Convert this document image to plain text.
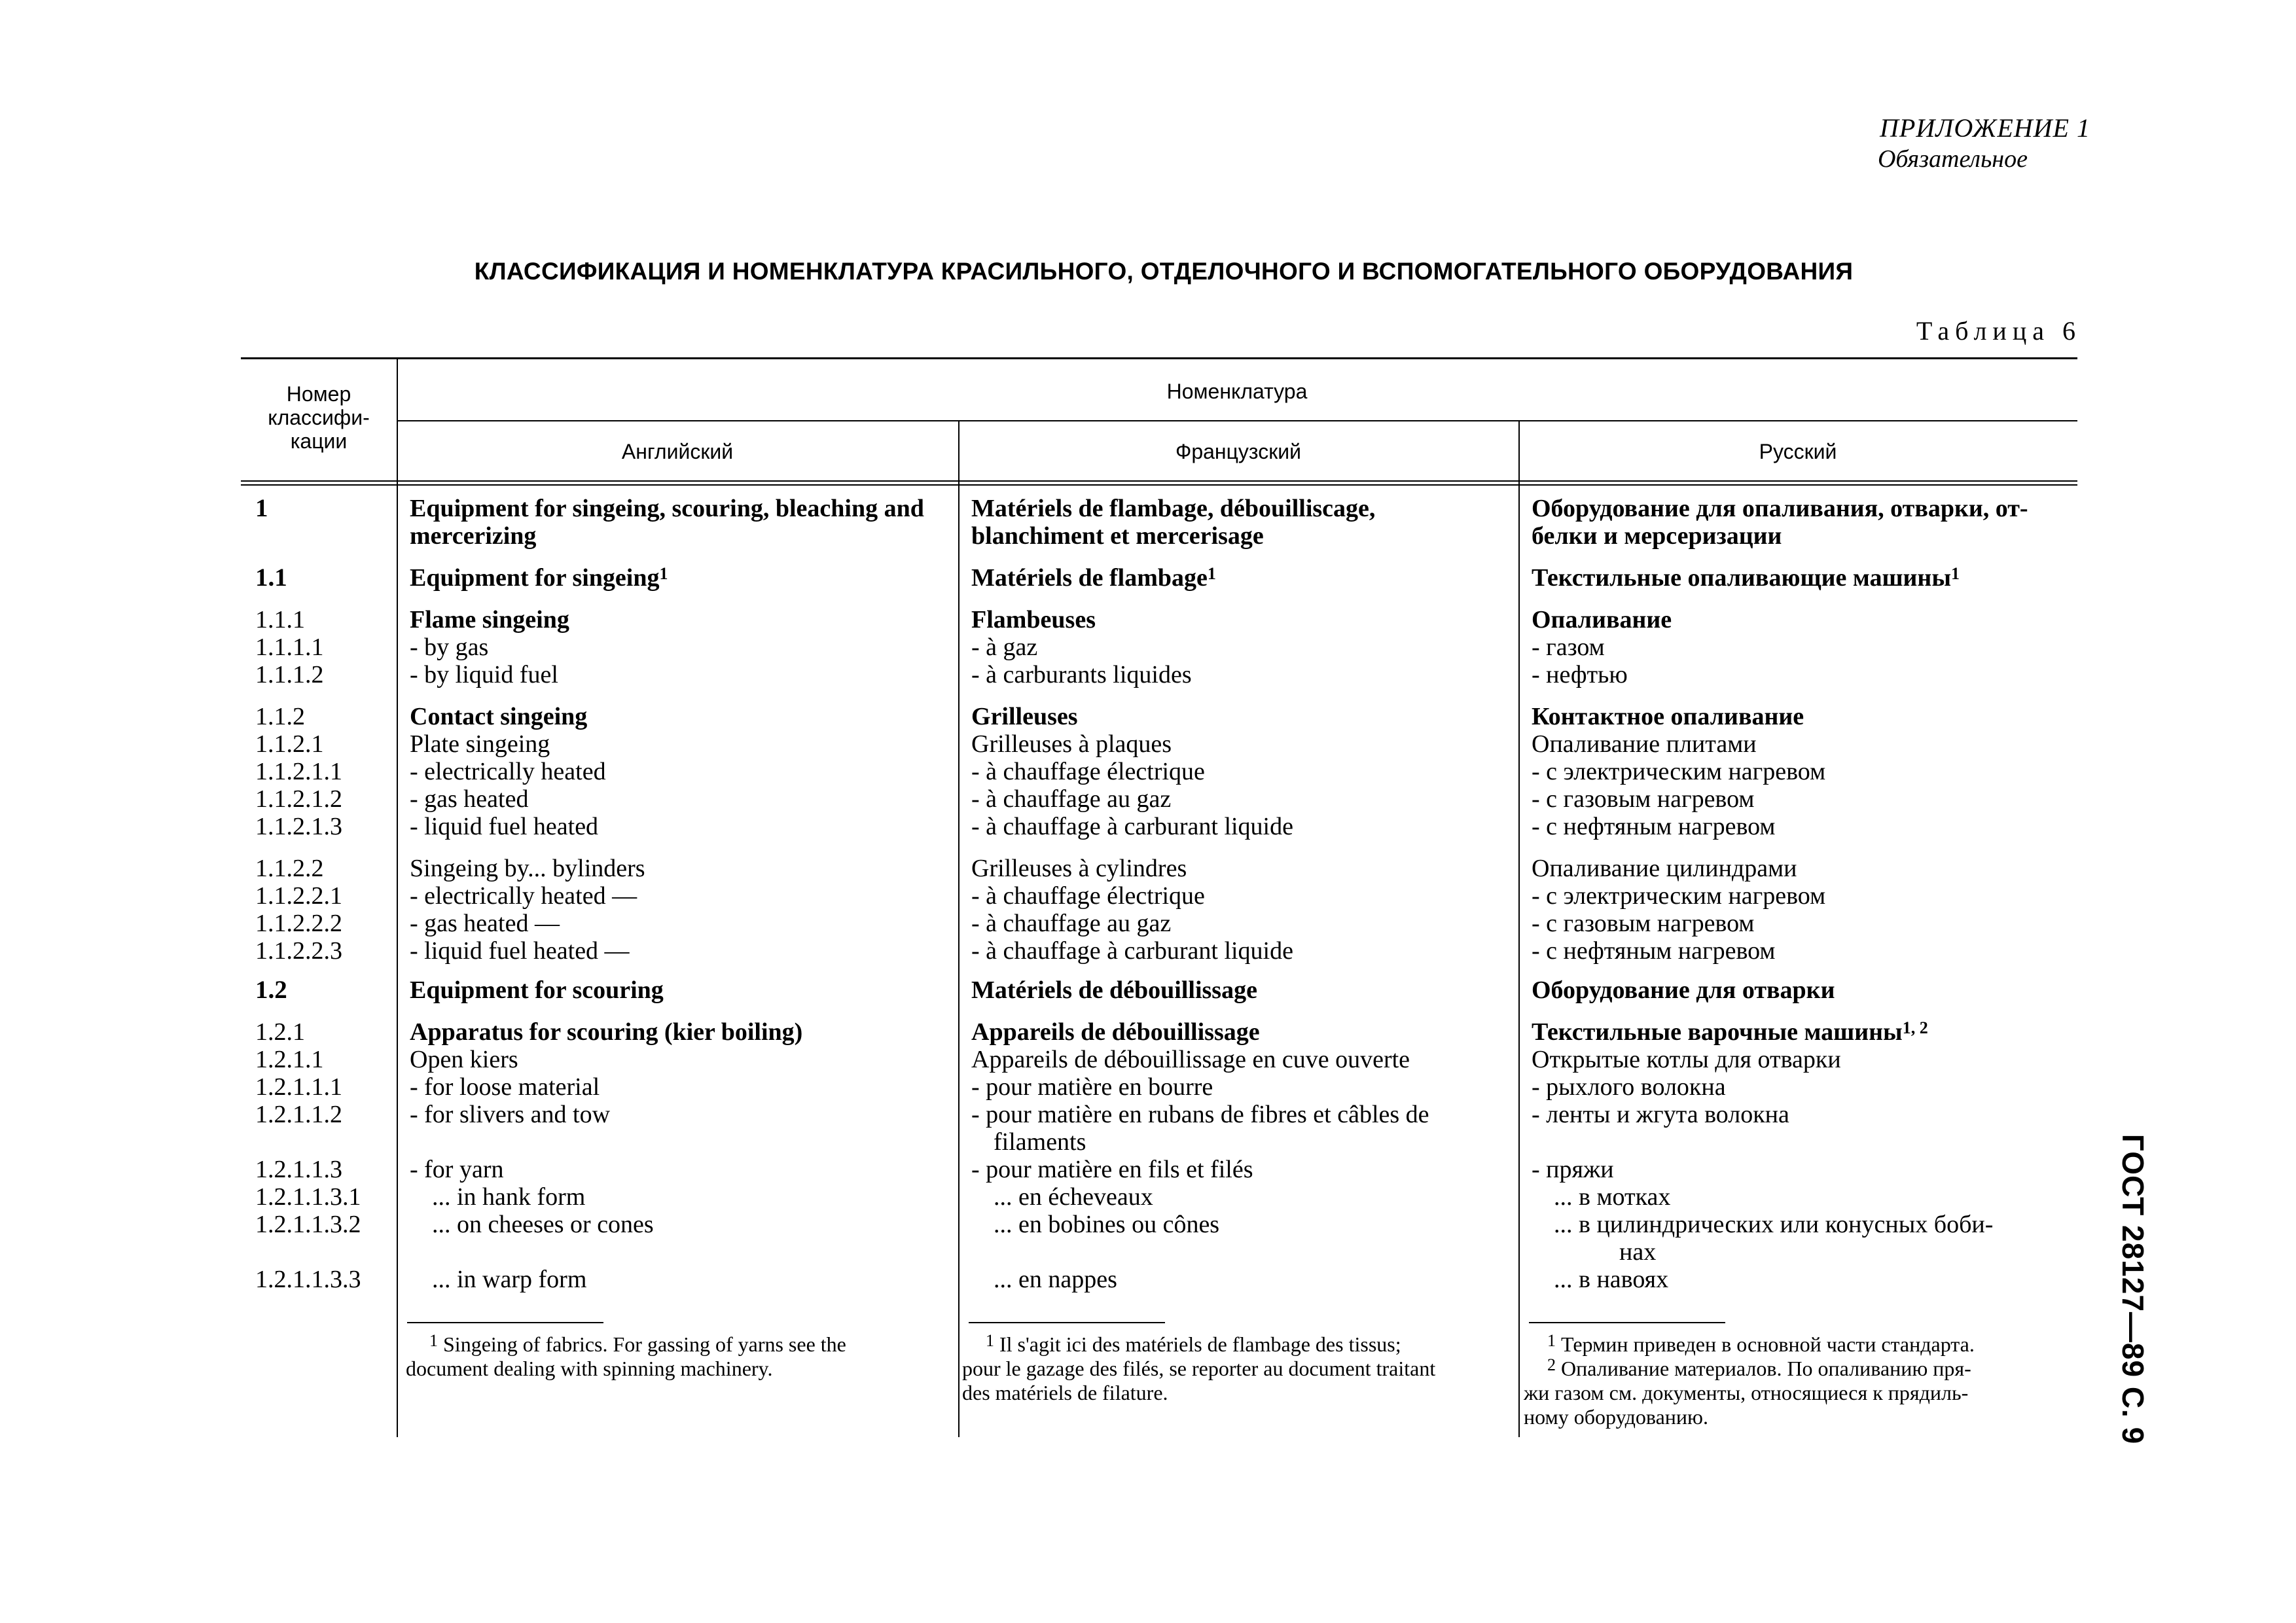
ПРИЛОЖЕНИЕ 1
Обязательное
КЛАССИФИКАЦИЯ И НОМЕНКЛАТУРА КРАСИЛЬНОГО, ОТДЕЛОЧНОГО И ВСПОМОГАТЕЛЬНОГО ОБОРУДОВАНИЯ
Таблица 6
ГОСТ 28127—89 С. 9
Номер
классифи-
кации
Номенклатура
Английский	Французский	Русский
1

1.1
1.1.1
1.1.1.1
1.1.1.2
1.1.2
1.1.2.1
1.1.2.1.1
1.1.2.1.2
1.1.2.1.3
1.1.2.2
1.1.2.2.1
1.1.2.2.2
1.1.2.2.3
1.2
1.2.1
1.2.1.1
1.2.1.1.1
1.2.1.1.2

1.2.1.1.3
1.2.1.1.3.1
1.2.1.1.3.2

1.2.1.1.3.3
Equipment for singeing, scouring, bleaching and
mercerizing
Equipment for singeing$^1$
Flame singeing
- by gas
- by liquid fuel
Contact singeing
Plate singeing
- electrically heated
- gas heated
- liquid fuel heated
Singeing by... bylinders
- electrically heated —
- gas heated —
- liquid fuel heated —
Equipment for scouring
Apparatus for scouring (kier boiling)
Open kiers
- for loose material
- for slivers and tow

- for yarn
... in hank form
... on cheeses or cones

... in warp form
Matériels de flambage, débouilliscage,
blanchiment et mercerisage
Matériels de flambage$^1$
Flambeuses
- à gaz
- à carburants liquides
Grilleuses
Grilleuses à plaques
- à chauffage électrique
- à chauffage au gaz
- à chauffage à carburant liquide
Grilleuses à cylindres
- à chauffage électrique
- à chauffage au gaz
- à chauffage à carburant liquide
Matériels de débouillissage
Appareils de débouillissage
Appareils de débouillissage en cuve ouverte
- pour matière en bourre
- pour matière en rubans de fibres et câbles de
filaments
- pour matière en fils et filés
... en écheveaux
... en bobines ou cônes

... en nappes
Оборудование для опаливания, отварки, от-
белки и мерсеризации
Текстильные опаливающие машины$^1$
Опаливание
- газом
- нефтью
Контактное опаливание
Опаливание плитами
- с электрическим нагревом
- с газовым нагревом
- с нефтяным нагревом
Опаливание цилиндрами
- с электрическим нагревом
- с газовым нагревом
- с нефтяным нагревом
Оборудование для отварки
Текстильные варочные машины$^{1, 2}$
Открытые котлы для отварки
- рыхлого волокна
- ленты и жгута волокна

- пряжи
... в мотках
... в цилиндрических или конусных боби-
нах
... в навоях
$^1$ Singeing of fabrics. For gassing of yarns see the
document dealing with spinning machinery.
$^1$ Il s'agit ici des matériels de flambage des tissus;
pour le gazage des filés, se reporter au document traitant
des matériels de filature.
$^1$ Термин приведен в основной части стандарта.
$^2$ Опаливание материалов. По опаливанию пря-
жи газом см. документы, относящиеся к прядиль-
ному оборудованию.
